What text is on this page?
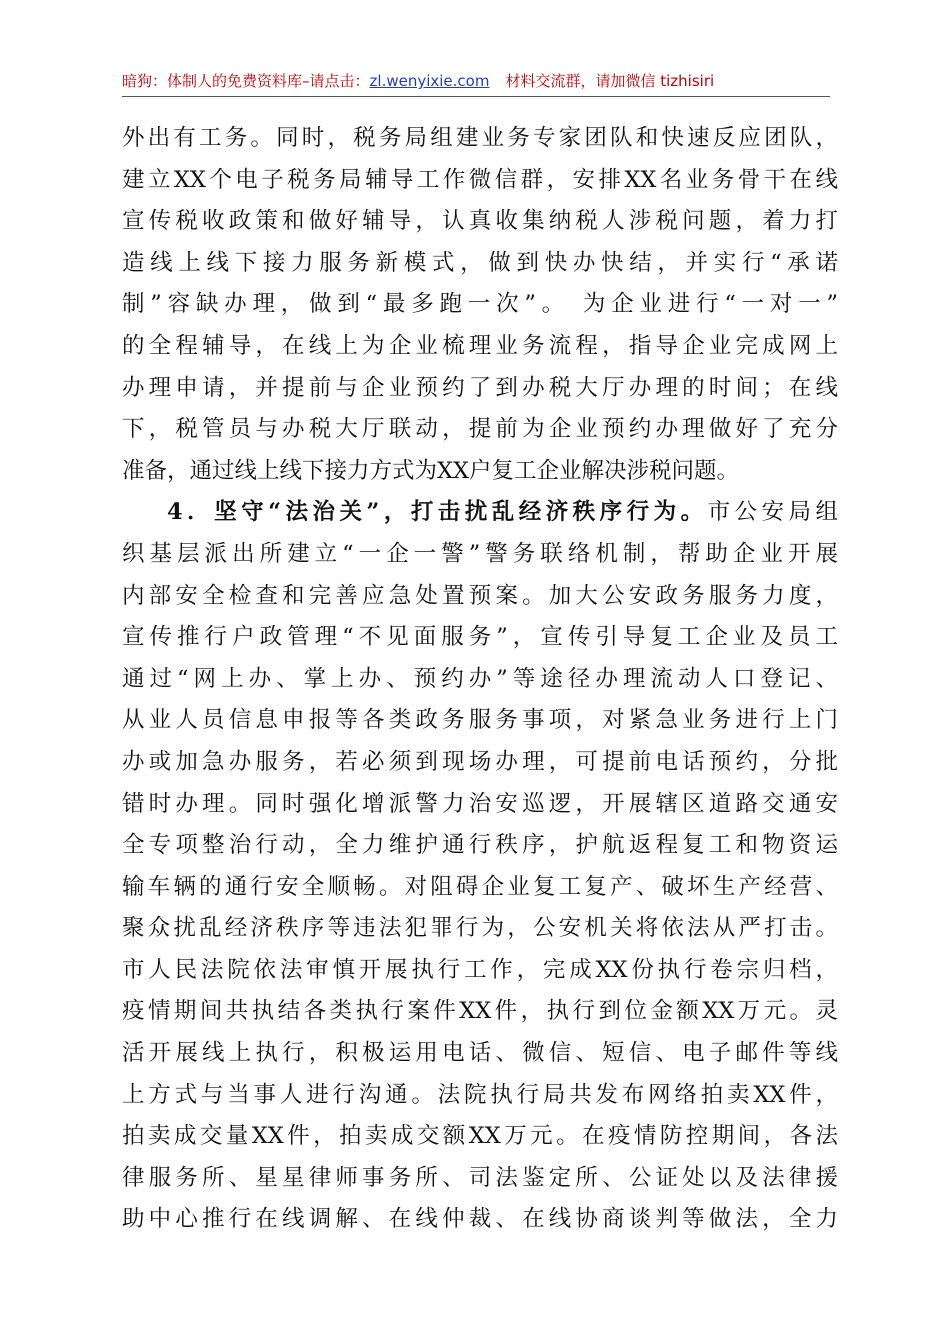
暗狗：体制人的免费资料库–请点击：zl.wenyixie.com 材料交流群，请加微信 tizhisiri
外出有工务。同时，税务局组建业务专家团队和快速反应团队，
建立XX个电子税务局辅导工作微信群，安排XX名业务骨干在线
宣传税收政策和做好辅导，认真收集纳税人涉税问题，着力打
造线上线下接力服务新模式，做到快办快结，并实行“承诺
制”容缺办理，做到“最多跑一次”。 为企业进行“一对一”
的全程辅导，在线上为企业梳理业务流程，指导企业完成网上
办理申请，并提前与企业预约了到办税大厅办理的时间；在线
下，税管员与办税大厅联动，提前为企业预约办理做好了充分
准备，通过线上线下接力方式为XX户复工企业解决涉税问题。
4．坚守“法治关”，打击扰乱经济秩序行为。市公安局组
织基层派出所建立“一企一警”警务联络机制，帮助企业开展
内部安全检查和完善应急处置预案。加大公安政务服务力度，
宣传推行户政管理“不见面服务”，宣传引导复工企业及员工
通过“网上办、掌上办、预约办”等途径办理流动人口登记、
从业人员信息申报等各类政务服务事项，对紧急业务进行上门
办或加急办服务，若必须到现场办理，可提前电话预约，分批
错时办理。同时强化增派警力治安巡逻，开展辖区道路交通安
全专项整治行动，全力维护通行秩序，护航返程复工和物资运
输车辆的通行安全顺畅。对阻碍企业复工复产、破坏生产经营、
聚众扰乱经济秩序等违法犯罪行为，公安机关将依法从严打击。
市人民法院依法审慎开展执行工作，完成XX份执行卷宗归档，
疫情期间共执结各类执行案件XX件，执行到位金额XX万元。灵
活开展线上执行，积极运用电话、微信、短信、电子邮件等线
上方式与当事人进行沟通。法院执行局共发布网络拍卖XX件，
拍卖成交量XX件，拍卖成交额XX万元。在疫情防控期间，各法
律服务所、星星律师事务所、司法鉴定所、公证处以及法律援
助中心推行在线调解、在线仲裁、在线协商谈判等做法，全力
